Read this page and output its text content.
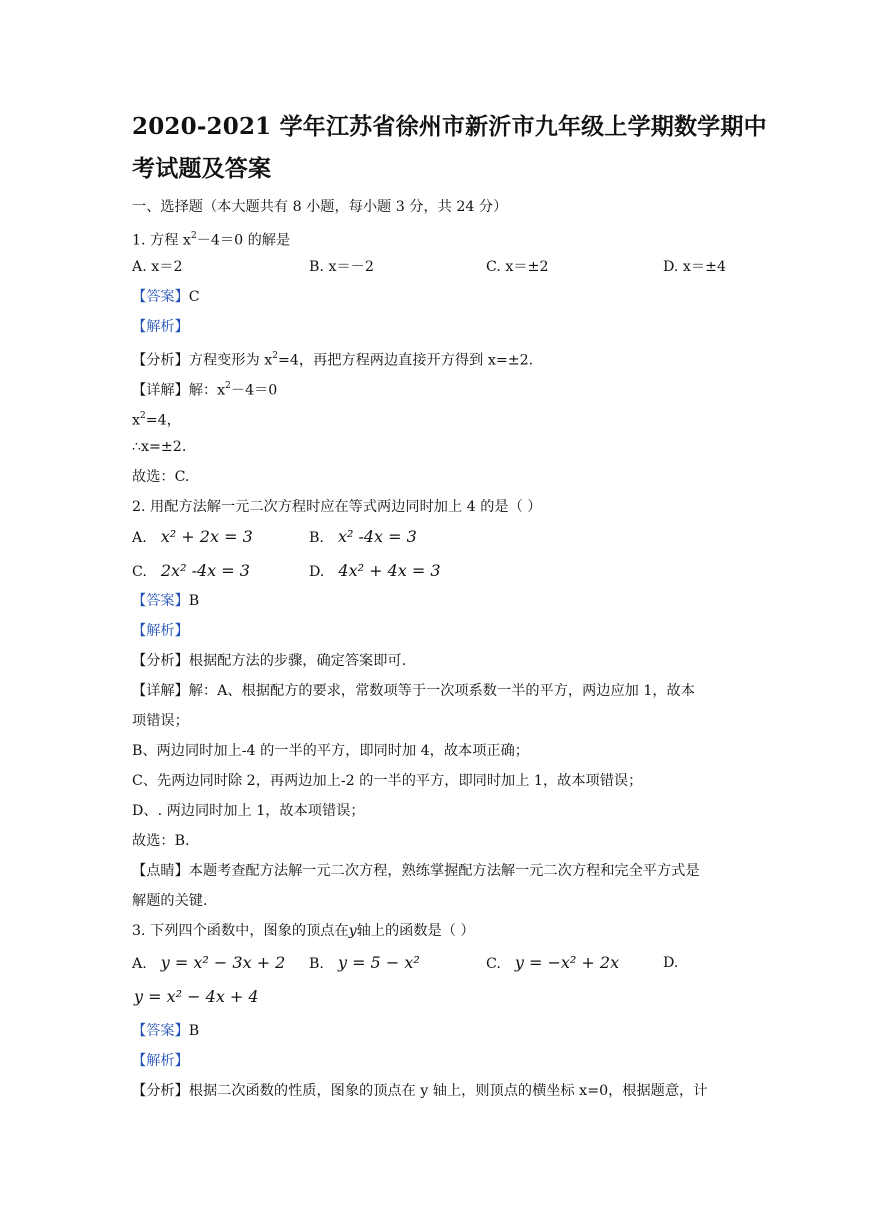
2020-2021 学年江苏省徐州市新沂市九年级上学期数学期中
考试题及答案
一、选择题（本大题共有 8 小题，每小题 3 分，共 24 分）
1. 方程 $x^2-4=0$ 的解是
A. x＝2	B. x＝－2	C. x＝±2	D. x＝±4
【答案】C
【解析】
【分析】方程变形为 $x^2=4$，再把方程两边直接开方得到 x=±2.
【详解】解：$x^2-4=0$
$x^2=4$，
∴x=±2.
故选：C.
2. 用配方法解一元二次方程时应在等式两边同时加上 4 的是（ ）
A. x² + 2x = 3	B. x² -4x = 3
C. 2x² -4x = 3	D. 4x² + 4x = 3
【答案】B
【解析】
【分析】根据配方法的步骤，确定答案即可.
【详解】解：A、根据配方的要求，常数项等于一次项系数一半的平方，两边应加 1，故本
项错误；
B、两边同时加上-4 的一半的平方，即同时加 4，故本项正确；
C、先两边同时除 2，再两边加上-2 的一半的平方，即同时加上 1，故本项错误；
D、. 两边同时加上 1，故本项错误；
故选：B.
【点睛】本题考查配方法解一元二次方程，熟练掌握配方法解一元二次方程和完全平方式是
解题的关键.
3. 下列四个函数中，图象的顶点在y轴上的函数是（ ）
A. y = x² − 3x + 2 B. y = 5 − x²	C. y = −x² + 2x	D.
y = x² − 4x + 4
【答案】B
【解析】
【分析】根据二次函数的性质，图象的顶点在 y 轴上，则顶点的横坐标 x=0，根据题意，计
